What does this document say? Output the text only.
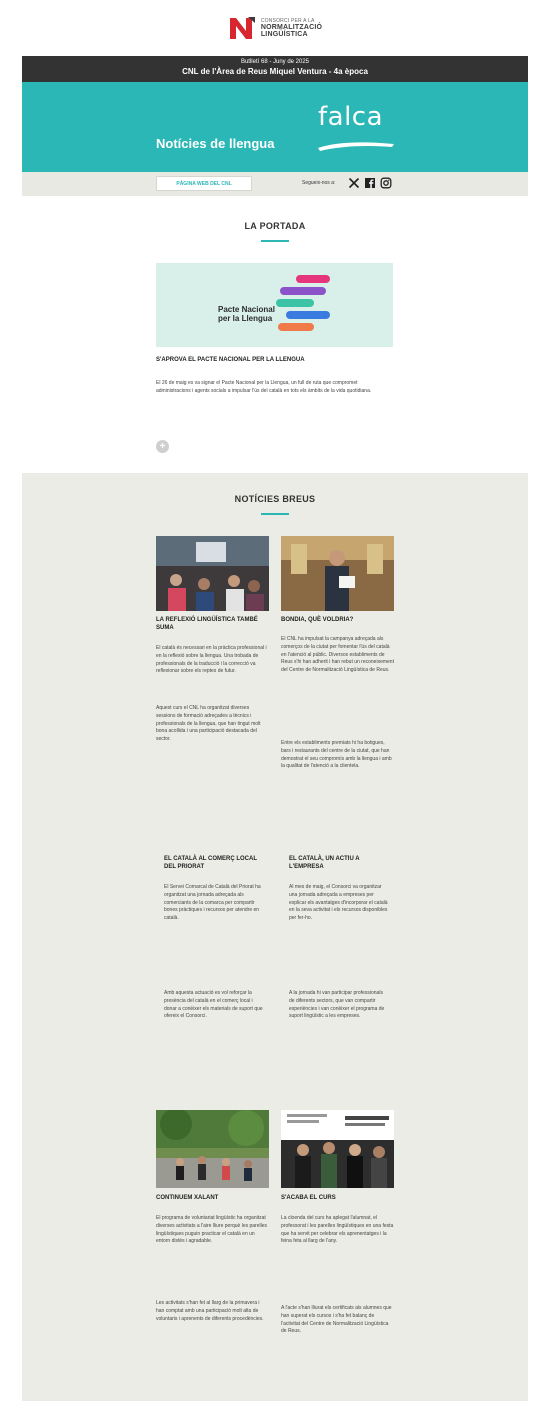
CONSORCI PER A LA
NORMALITZACIÓ
LINGÜÍSTICA
Butlletí 68 - Juny de 2025
CNL de l'Àrea de Reus Miquel Ventura - 4a època
Notícies de llengua
falca
PÀGINA WEB DEL CNL	Segueix-nos a:
LA PORTADA
Pacte Nacional
per la Llengua
S'APROVA EL PACTE NACIONAL PER LA LLENGUA
El 26 de maig es va signar el Pacte Nacional per la Llengua, un full de ruta que compromet administracions i agents socials a impulsar l'ús del català en tots els àmbits de la vida quotidiana.
+
NOTÍCIES BREUS
LA REFLEXIÓ LINGÜÍSTICA TAMBÉ SUMA
El català és necessari en la pràctica professional i en la reflexió sobre la llengua. Una trobada de professionals de la traducció i la correcció va reflexionar sobre els reptes de futur.
Aquest curs el CNL ha organitzat diverses sessions de formació adreçades a tècnics i professionals de la llengua, que han tingut molt bona acollida i una participació destacada del sector.
BONDIA, QUÈ VOLDRIA?
El CNL ha impulsat la campanya adreçada als comerços de la ciutat per fomentar l'ús del català en l'atenció al públic. Diversos establiments de Reus s'hi han adherit i han rebut un reconeixement del Centre de Normalització Lingüística de Reus.
Entre els establiments premiats hi ha botigues, bars i restaurants del centre de la ciutat, que han demostrat el seu compromís amb la llengua i amb la qualitat de l'atenció a la clientela.
EL CATALÀ AL COMERÇ LOCAL DEL PRIORAT
El Servei Comarcal de Català del Priorat ha organitzat una jornada adreçada als comerciants de la comarca per compartir bones pràctiques i recursos per atendre en català.
Amb aquesta actuació es vol reforçar la presència del català en el comerç local i donar a conèixer els materials de suport que ofereix el Consorci.
EL CATALÀ, UN ACTIU A L'EMPRESA
Al mes de maig, el Consorci va organitzar una jornada adreçada a empreses per explicar els avantatges d'incorporar el català en la seva activitat i els recursos disponibles per fer-ho.
A la jornada hi van participar professionals de diferents sectors, que van compartir experiències i van conèixer el programa de suport lingüístic a les empreses.
CONTINUEM XALANT
El programa de voluntariat lingüístic ha organitzat diverses activitats a l'aire lliure perquè les parelles lingüístiques puguin practicar el català en un entorn distès i agradable.
Les activitats s'han fet al llarg de la primavera i han comptat amb una participació molt alta de voluntaris i aprenents de diferents procedències.
S'ACABA EL CURS
La cloenda del curs ha aplegat l'alumnat, el professorat i les parelles lingüístiques en una festa que ha servit per celebrar els aprenentatges i la feina feta al llarg de l'any.
A l'acte s'han lliurat els certificats als alumnes que han superat els cursos i s'ha fet balanç de l'activitat del Centre de Normalització Lingüística de Reus.
